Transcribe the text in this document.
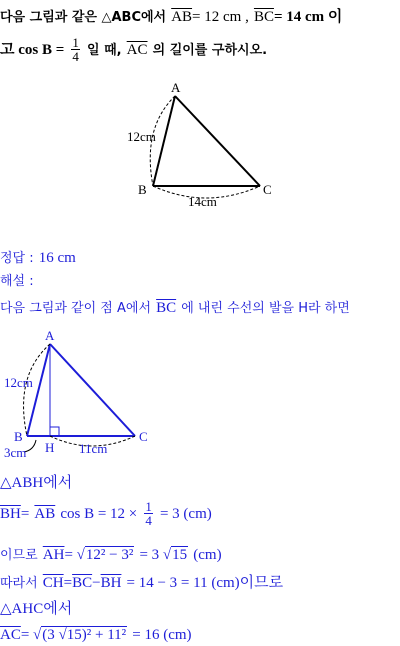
다음 그림과 같은 △ABC에서 $\overline{AB}= 12$ cm , $\overline{BC}= 14$ cm 이
고 $\cos B = \frac{1}{4}$ 일 때, $\overline{AC}$ 의 길이를 구하시오.
A
B	C
12cm
14cm
정답 : 16 cm
해설 :
다음 그림과 같이 점 A에서 $\overline{BC}$ 에 내린 수선의 발을 H라 하면
A
B	C
H
12cm
3cm	11cm
△ABH에서
$\overline{BH}= \overline{AB}$ $\cos B = 12 \times \frac{1}{4} = 3$ (cm)
이므로 $\overline{AH}= √12^2 - 3^2 = 3$ √15 (cm)
따라서 $\overline{CH}=\overline{BC}-\overline{BH} = 14 - 3 = 11$ (cm)이므로
△AHC에서
$\overline{AC}= √(3$ √15)² + 11² = 16 (cm)
